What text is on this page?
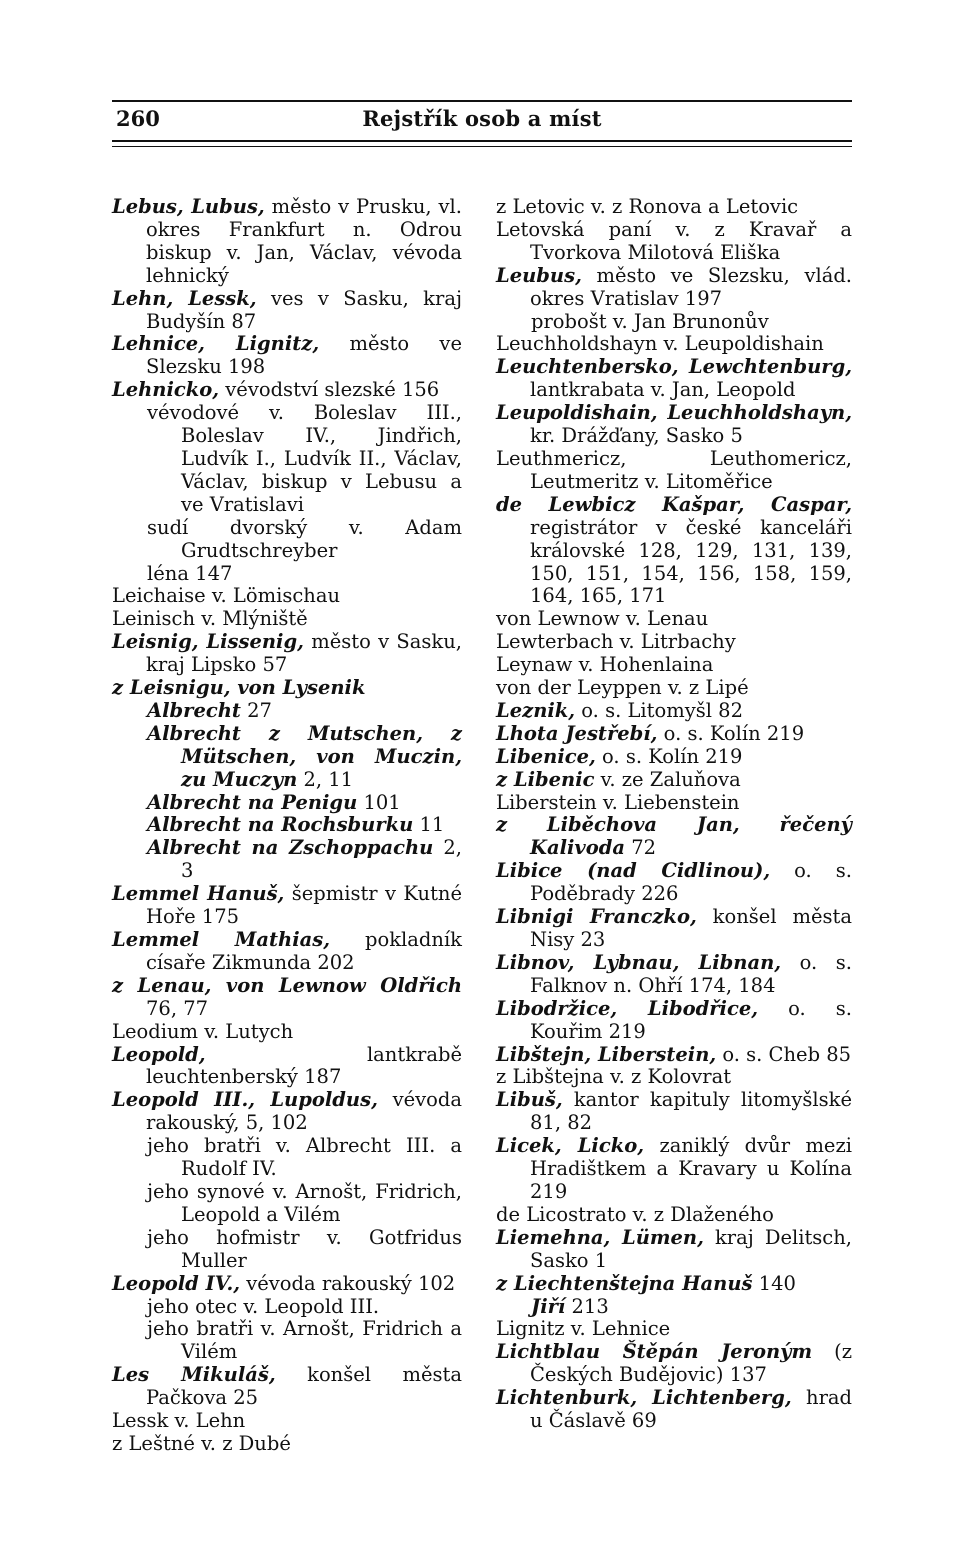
260	Rejstřík osob a míst

Lebus, Lubus, město v Prusku, vl. okres Frankfurt n. Odrou biskup v. Jan, Václav, vévoda lehnický

Lehn, Lessk, ves v Sasku, kraj Budyšín 87

Lehnice, Lignitz, město ve Slezsku 198

Lehnicko, vévodství slezské 156

vévodové v. Boleslav III., Boleslav IV., Jindřich, Ludvík I., Ludvík II., Václav, Václav, biskup v Lebusu a ve Vratislavi

sudí dvorský v. Adam Grudtschreyber

léna 147

Leichaise v. Lömischau

Leinisch v. Mlýniště

Leisnig, Lissenig, město v Sasku, kraj Lipsko 57

z Leisnigu, von Lysenik

Albrecht 27

Albrecht z Mutschen, z Mütschen, von Muczin, zu Muczyn 2, 11

Albrecht na Penigu 101

Albrecht na Rochsburku 11

Albrecht na Zschoppachu 2, 3

Lemmel Hanuš, šepmistr v Kutné Hoře 175

Lemmel Mathias, pokladník císaře Zikmunda 202

z Lenau, von Lewnow Oldřich 76, 77

Leodium v. Lutych

Leopold, lantkrabě leuchtenberský 187

Leopold III., Lupoldus, vévoda rakouský, 5, 102

jeho bratři v. Albrecht III. a Rudolf IV.

jeho synové v. Arnošt, Fridrich, Leopold a Vilém

jeho hofmistr v. Gotfridus Muller

Leopold IV., vévoda rakouský 102

jeho otec v. Leopold III.

jeho bratři v. Arnošt, Fridrich a Vilém

Les Mikuláš, konšel města Pačkova 25

Lessk v. Lehn

z Leštné v. z Dubé

z Letovic v. z Ronova a Letovic

Letovská paní v. z Kravař a Tvorkova Milotová Eliška

Leubus, město ve Slezsku, vlád. okres Vratislav 197

probošt v. Jan Brunonův

Leuchholdshayn v. Leupoldishain

Leuchtenbersko, Lewchtenburg, lantkrabata v. Jan, Leopold

Leupoldishain, Leuchholdshayn, kr. Drážďany, Sasko 5

Leuthmericz, Leuthomericz, Leutmeritz v. Litoměřice

de Lewbicz Kašpar, Caspar, registrátor v české kanceláři královské 128, 129, 131, 139, 150, 151, 154, 156, 158, 159, 164, 165, 171

von Lewnow v. Lenau

Lewterbach v. Litrbachy

Leynaw v. Hohenlaina

von der Leyppen v. z Lipé

Leznik, o. s. Litomyšl 82

Lhota Jestřebí, o. s. Kolín 219

Libenice, o. s. Kolín 219

z Libenic v. ze Zaluňova

Liberstein v. Liebenstein

z Liběchova Jan, řečený Kalivoda 72

Libice (nad Cidlinou), o. s. Poděbrady 226

Libnigi Franczko, konšel města Nisy 23

Libnov, Lybnau, Libnan, o. s. Falknov n. Ohří 174, 184

Libodržice, Libodřice, o. s. Kouřim 219

Libštejn, Liberstein, o. s. Cheb 85

z Libštejna v. z Kolovrat

Libuš, kantor kapituly litomyšlské 81, 82

Licek, Licko, zaniklý dvůr mezi Hradištkem a Kravary u Kolína 219

de Licostrato v. z Dlaženého

Liemehna, Lümen, kraj Delitsch, Sasko 1

z Liechtenštejna Hanuš 140

Jiří 213

Lignitz v. Lehnice

Lichtblau Štěpán Jeroným (z Českých Budějovic) 137

Lichtenburk, Lichtenberg, hrad u Čáslavě 69
